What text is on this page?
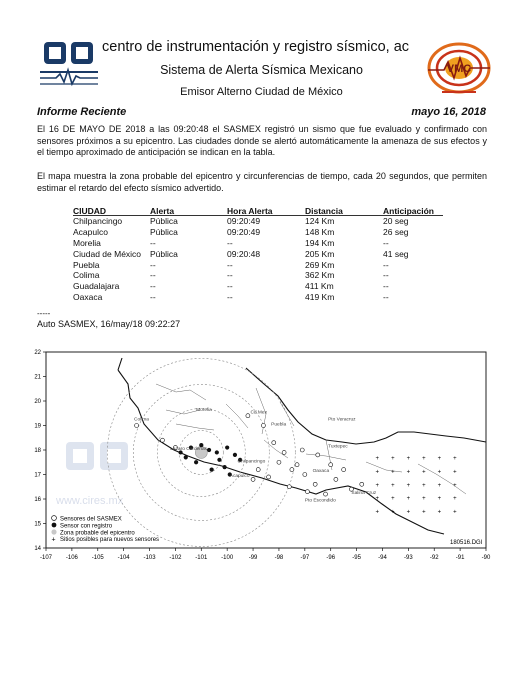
centro de instrumentación y registro sísmico, ac
Sistema de Alerta Sísmica Mexicano
Emisor Alterno Ciudad de México
VMC
Informe Reciente	mayo 16, 2018
El 16 DE MAYO DE 2018 a las 09:20:48 el SASMEX registró un sismo que fue evaluado y confirmado con sensores próximos a su epicentro. Las ciudades donde se alertó automáticamente la amenaza de sus efectos y el tiempo aproximado de anticipación se indican en la tabla.
El mapa muestra la zona probable del epicentro y circunferencias de tiempo, cada 20 segundos, que permiten estimar el retardo del efecto sísmico advertido.
CIUDAD	Alerta	Hora Alerta	Distancia	Anticipación
Chilpancingo	Pública	09:20:49	124 Km	20 seg
Acapulco	Pública	09:20:49	148 Km	26 seg
Morelia	--	--	194 Km	--
Ciudad de México	Pública	09:20:48	205 Km	41 seg
Puebla	--	--	269 Km	--
Colima	--	--	362 Km	--
Guadalajara	--	--	411 Km	--
Oaxaca	--	--	419 Km	--
-----
Auto SASMEX, 16/may/18 09:22:27
www.cires.mx
+
+
+
+
+
+
+
+
+
+
+
+
+
+
+
+
+
+
+
+
+
+
+
+
+
+
+
+
+
+
Colima
Morelia	Cd Mex
Puebla
Pto Veracruz
Tuxtepec
Chilpancingo
Acapulco
Oaxaca
Pto Escondido
Salina Cruz
Lazaro Cardenas
-107 -106 -105 -104 -103 -102 -101 -100	-99	-98	-97	-96	-95	-94	-93	-92	-91	-90
22
21
20
19
18
17
16
15
14
Sensores del SASMEX
Sensor con registro
Zona probable del epicentro
+ Sitios posibles para nuevos sensores	180516.DGI
